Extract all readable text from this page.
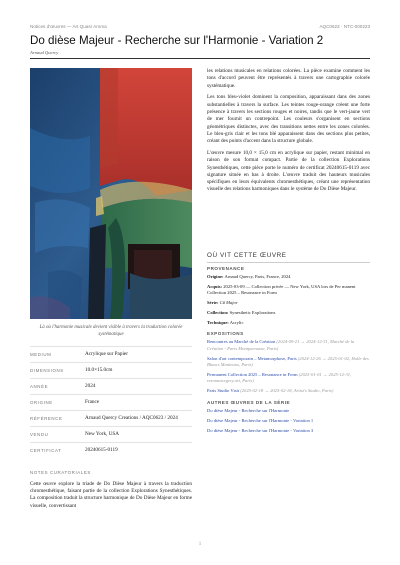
Notices d'œuvres — Art Quasr Aroma	AQC0623 · NTC-000223
Do dièse Majeur - Recherche sur l'Harmonie - Variation 2
Arnaud Quercy
Là où l'harmonie musicale devient visible à travers la traduction colorée systématique
MEDIUM	Acrylique sur Papier
DIMENSIONS	10.0×15.0cm
ANNÉE	2024
ORIGINE	France
RÉFÉRENCE	Arnaud Quercy Creations / AQC0623 / 2024
VENDU	New York, USA
CERTIFICAT	20240615-0119
NOTES CURATORIALES
Cette œuvre explore la triade de Do Dièse Majeur à travers la traduction chromesthétique, faisant partie de la collection Explorations Synesthétiques. La composition traduit la structure harmonique de Do Dièse Majeur en forme visuelle, convertissant

les relations musicales en relations colorées. La pièce examine comment les tons d'accord peuvent être représentés à travers une cartographie colorée systématique.

Les tons bleu-violet dominent la composition, apparaissant dans des zones substantielles à travers la surface. Les teintes rouge-orange créent une forte présence à travers les sections rouges et noires, tandis que le vert-jaune vert de mer fournit un contrepoint. Les couleurs s'organisent en sections géométriques distinctes, avec des transitions nettes entre les zones colorées. Le bleu-gris clair et les tons blé apparaissent dans des sections plus petites, créant des points d'accent dans la structure globale.

L'œuvre mesure 10,0 × 15,0 cm en acrylique sur papier, restant minimal en raison de son format compact. Partie de la collection Explorations Synesthétiques, cette pièce porte le numéro de certificat 20240615-0119 avec signature située en bas à droite. L'œuvre traduit des hauteurs musicales spécifiques en leurs équivalents chromesthétiques, créant une représentation visuelle des relations harmoniques dans le système de Do Dièse Majeur.

OÙ VIT CETTE ŒUVRE
PROVENANCE
Origine: Arnaud Quercy, Paris, France, 2024
Acquis: 2025-03-09 — Collection privée — New York, USA lors de Per manent Collection 2025 – Resonance in Form
Série: C# Major
Collection: Synesthetic Explorations
Technique: Acrylic
EXPOSITIONS
Rencontres au Marché de la Création (2024-09-21 → 2024-12-31, Marché de la Création - Paris Montparnasse, Paris)
Salon d'art contemporain – Metamorphose, Paris (2024-12-26 → 2025-01-02, Halle des Blancs Manteaux, Paris)
Permanent Collection 2025 – Resonance in Form (2025-01-01 → 2025-12-31, resonancegrey.art, Paris)
Paris Studio Visit (2025-02-18 → 2025-02-18, Artist's Studio, Paris)
AUTRES ŒUVRES DE LA SÉRIE
Do dièse Majeur - Recherche sur l'Harmonie
Do dièse Majeur - Recherche sur l'Harmonie - Variation 1
Do dièse Majeur - Recherche sur l'Harmonie - Variation 3
1
